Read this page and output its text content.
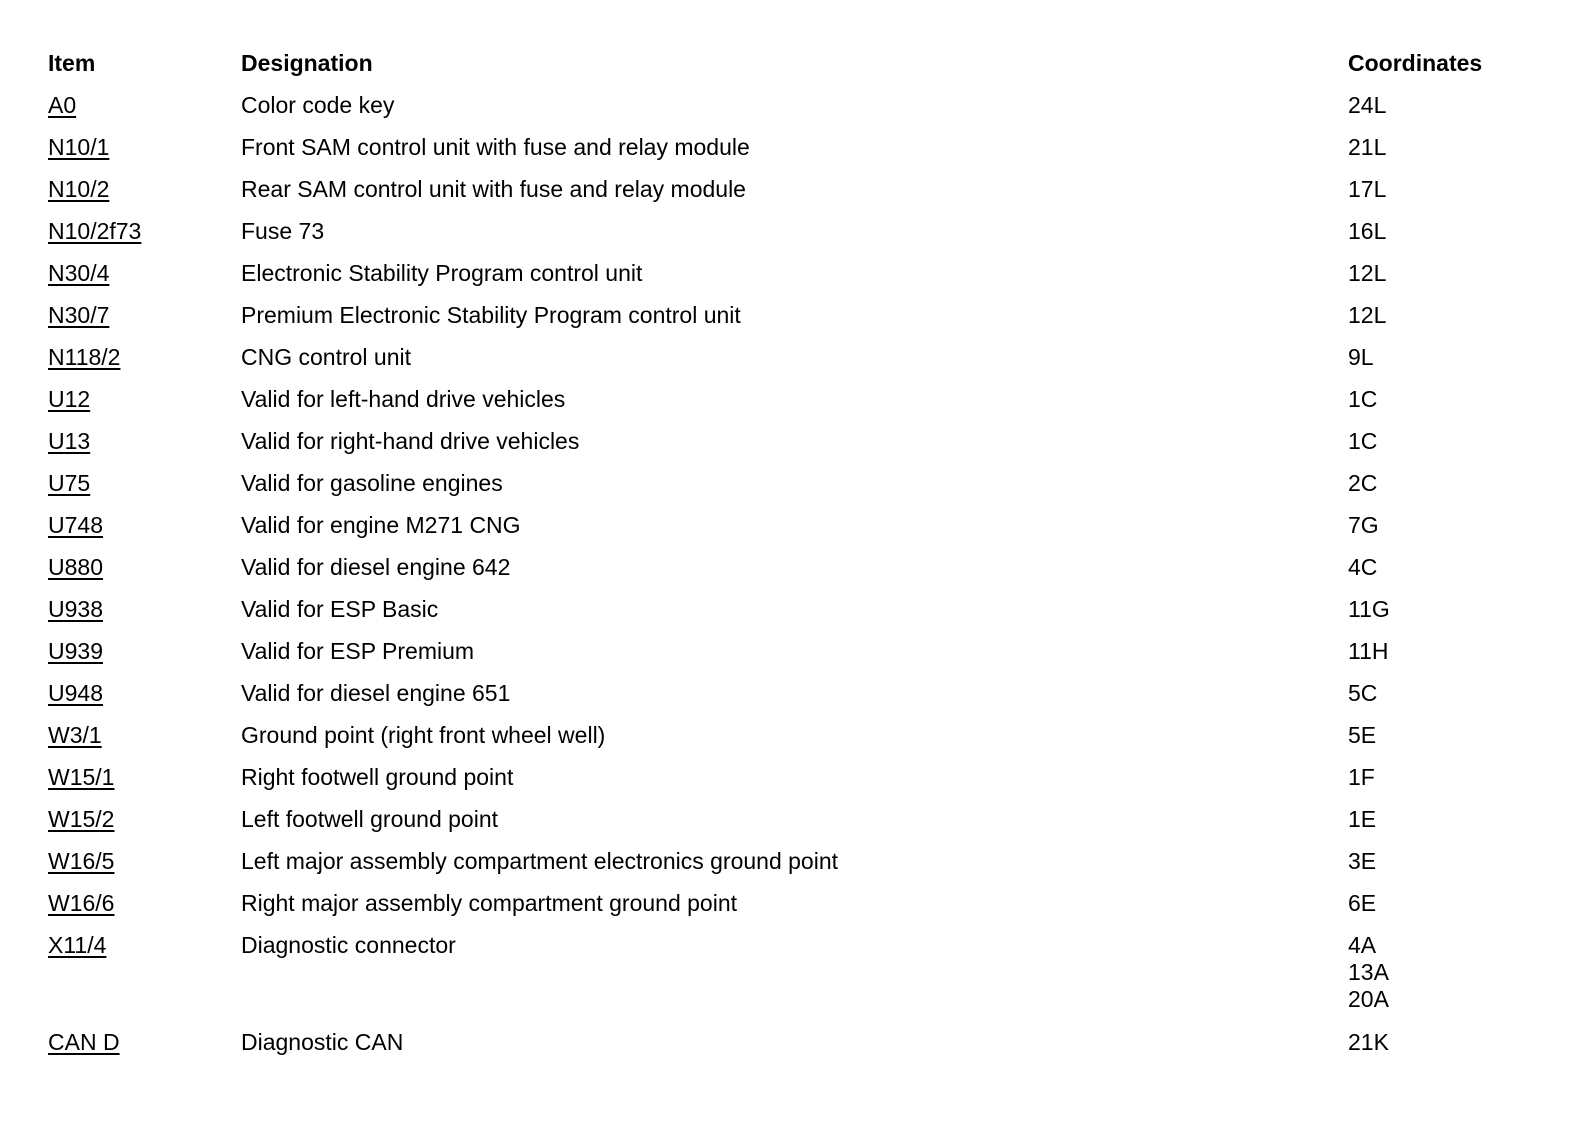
Item	Designation	Coordinates
A0	Color code key	24L

N10/1	Front SAM control unit with fuse and relay module	21L

N10/2	Rear SAM control unit with fuse and relay module	17L

N10/2f73	Fuse 73	16L

N30/4	Electronic Stability Program control unit	12L

N30/7	Premium Electronic Stability Program control unit	12L

N118/2	CNG control unit	9L

U12	Valid for left-hand drive vehicles	1C

U13	Valid for right-hand drive vehicles	1C

U75	Valid for gasoline engines	2C

U748	Valid for engine M271 CNG	7G

U880	Valid for diesel engine 642	4C

U938	Valid for ESP Basic	11G

U939	Valid for ESP Premium	11H

U948	Valid for diesel engine 651	5C

W3/1	Ground point (right front wheel well)	5E

W15/1	Right footwell ground point	1F

W15/2	Left footwell ground point	1E

W16/5	Left major assembly compartment electronics ground point	3E

W16/6	Right major assembly compartment ground point	6E

X11/4	Diagnostic connector	4A
13A
20A

CAN D	Diagnostic CAN	21K
